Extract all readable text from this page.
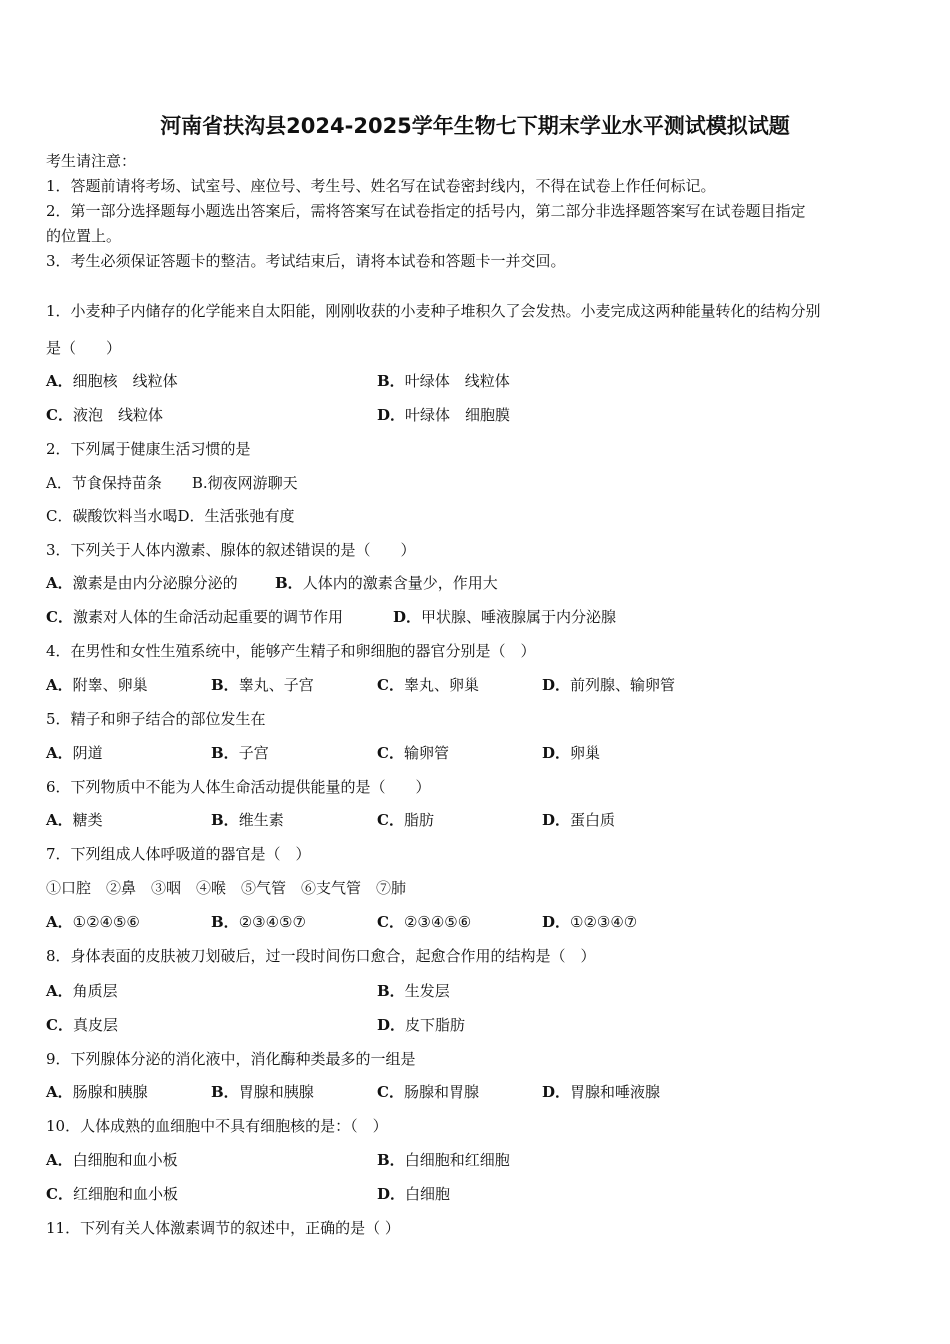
河南省扶沟县2024-2025学年生物七下期末学业水平测试模拟试题
考生请注意：
1．答题前请将考场、试室号、座位号、考生号、姓名写在试卷密封线内，不得在试卷上作任何标记。
2．第一部分选择题每小题选出答案后，需将答案写在试卷指定的括号内，第二部分非选择题答案写在试卷题目指定
的位置上。
3．考生必须保证答题卡的整洁。考试结束后，请将本试卷和答题卡一并交回。
1．小麦种子内储存的化学能来自太阳能，刚刚收获的小麦种子堆积久了会发热。小麦完成这两种能量转化的结构分别
是（　　）
A．细胞核　线粒体	B．叶绿体　线粒体
C．液泡　线粒体	D．叶绿体　细胞膜
2．下列属于健康生活习惯的是
A．节食保持苗条　　B.彻夜网游聊天
C．碳酸饮料当水喝D．生活张弛有度
3．下列关于人体内激素、腺体的叙述错误的是（　　）
A．激素是由内分泌腺分泌的 B．人体内的激素含量少，作用大
C．激素对人体的生命活动起重要的调节作用	D．甲状腺、唾液腺属于内分泌腺
4．在男性和女性生殖系统中，能够产生精子和卵细胞的器官分别是（　）
A．附睾、卵巢	B．睾丸、子宫	C．睾丸、卵巢	D．前列腺、输卵管
5．精子和卵子结合的部位发生在
A．阴道	B．子宫	C．输卵管	D．卵巢
6．下列物质中不能为人体生命活动提供能量的是（　　）
A．糖类	B．维生素	C．脂肪	D．蛋白质
7．下列组成人体呼吸道的器官是（　）
①口腔　②鼻　③咽　④喉　⑤气管　⑥支气管　⑦肺
A．①②④⑤⑥	B．②③④⑤⑦	C．②③④⑤⑥	D．①②③④⑦
8．身体表面的皮肤被刀划破后，过一段时间伤口愈合，起愈合作用的结构是（　）
A．角质层	B．生发层
C．真皮层	D．皮下脂肪
9．下列腺体分泌的消化液中，消化酶种类最多的一组是
A．肠腺和胰腺	B．胃腺和胰腺	C．肠腺和胃腺	D．胃腺和唾液腺
10．人体成熟的血细胞中不具有细胞核的是：（　）
A．白细胞和血小板	B．白细胞和红细胞
C．红细胞和血小板	D．白细胞
11．下列有关人体激素调节的叙述中，正确的是（ ）
